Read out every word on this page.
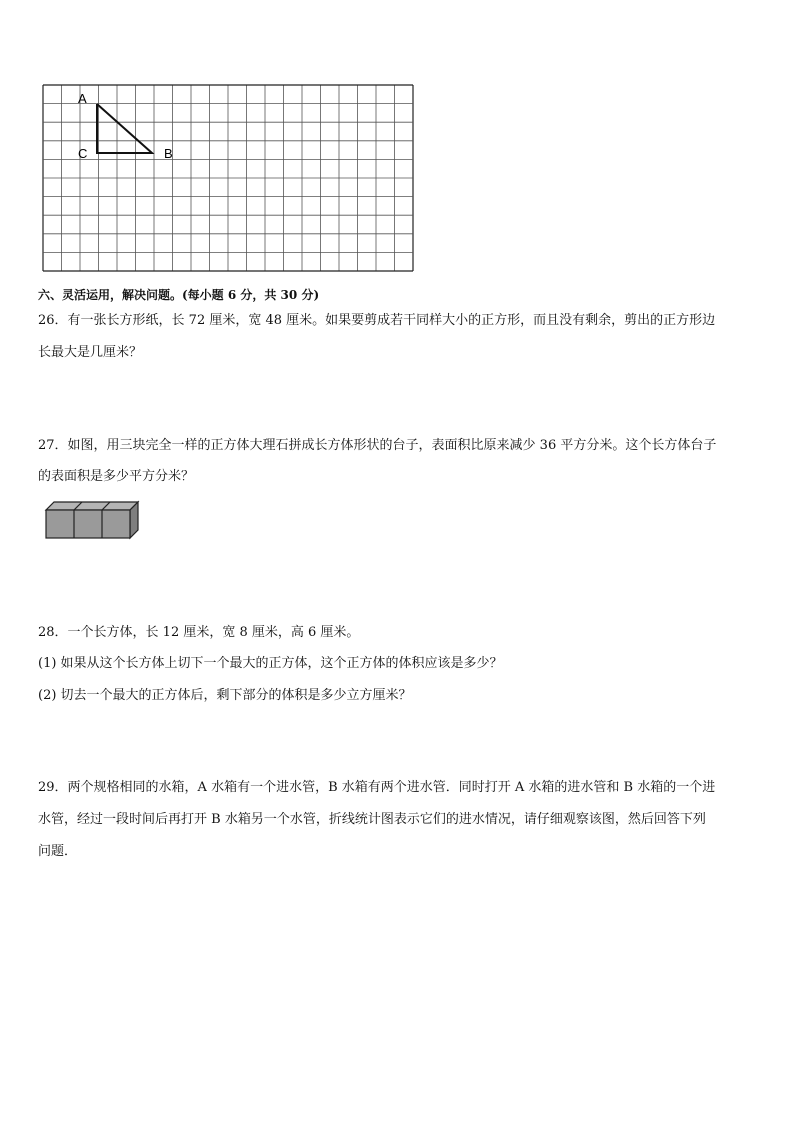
A
C	B
六、灵活运用，解决问题。(每小题 6 分，共 30 分)
26．有一张长方形纸，长 72 厘米，宽 48 厘米。如果要剪成若干同样大小的正方形，而且没有剩余，剪出的正方形边
长最大是几厘米？
27．如图，用三块完全一样的正方体大理石拼成长方体形状的台子，表面积比原来减少 36 平方分米。这个长方体台子
的表面积是多少平方分米？
28．一个长方体，长 12 厘米，宽 8 厘米，高 6 厘米。
(1) 如果从这个长方体上切下一个最大的正方体，这个正方体的体积应该是多少？
(2) 切去一个最大的正方体后，剩下部分的体积是多少立方厘米？
29．两个规格相同的水箱，A 水箱有一个进水管，B 水箱有两个进水管．同时打开 A 水箱的进水管和 B 水箱的一个进
水管，经过一段时间后再打开 B 水箱另一个水管，折线统计图表示它们的进水情况，请仔细观察该图，然后回答下列
问题．
